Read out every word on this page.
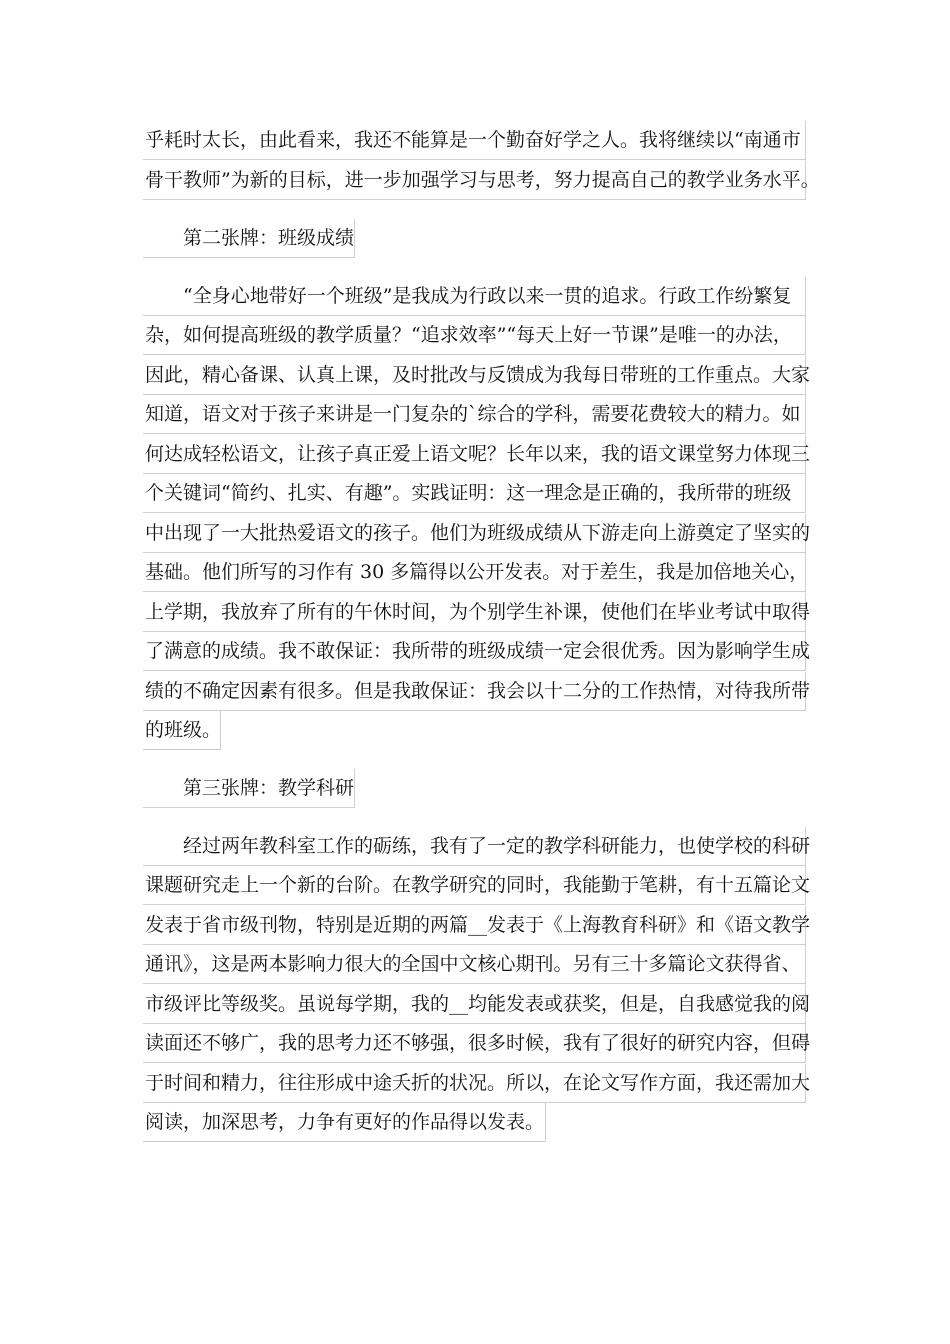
乎耗时太长，由此看来，我还不能算是一个勤奋好学之人。我将继续以“南通市
骨干教师”为新的目标，进一步加强学习与思考，努力提高自己的教学业务水平。
第二张牌：班级成绩
“全身心地带好一个班级”是我成为行政以来一贯的追求。行政工作纷繁复
杂，如何提高班级的教学质量？“追求效率”“每天上好一节课”是唯一的办法，
因此，精心备课、认真上课，及时批改与反馈成为我每日带班的工作重点。大家
知道，语文对于孩子来讲是一门复杂的`综合的学科，需要花费较大的精力。如
何达成轻松语文，让孩子真正爱上语文呢？长年以来，我的语文课堂努力体现三
个关键词“简约、扎实、有趣”。实践证明：这一理念是正确的，我所带的班级
中出现了一大批热爱语文的孩子。他们为班级成绩从下游走向上游奠定了坚实的
基础。他们所写的习作有 30 多篇得以公开发表。对于差生，我是加倍地关心，
上学期，我放弃了所有的午休时间，为个别学生补课，使他们在毕业考试中取得
了满意的成绩。我不敢保证：我所带的班级成绩一定会很优秀。因为影响学生成
绩的不确定因素有很多。但是我敢保证：我会以十二分的工作热情，对待我所带
的班级。
第三张牌：教学科研
经过两年教科室工作的砺练，我有了一定的教学科研能力，也使学校的科研
课题研究走上一个新的台阶。在教学研究的同时，我能勤于笔耕，有十五篇论文
发表于省市级刊物，特别是近期的两篇__发表于《上海教育科研》和《语文教学
通讯》，这是两本影响力很大的全国中文核心期刊。另有三十多篇论文获得省、
市级评比等级奖。虽说每学期，我的__均能发表或获奖，但是，自我感觉我的阅
读面还不够广，我的思考力还不够强，很多时候，我有了很好的研究内容，但碍
于时间和精力，往往形成中途夭折的状况。所以，在论文写作方面，我还需加大
阅读，加深思考，力争有更好的作品得以发表。
